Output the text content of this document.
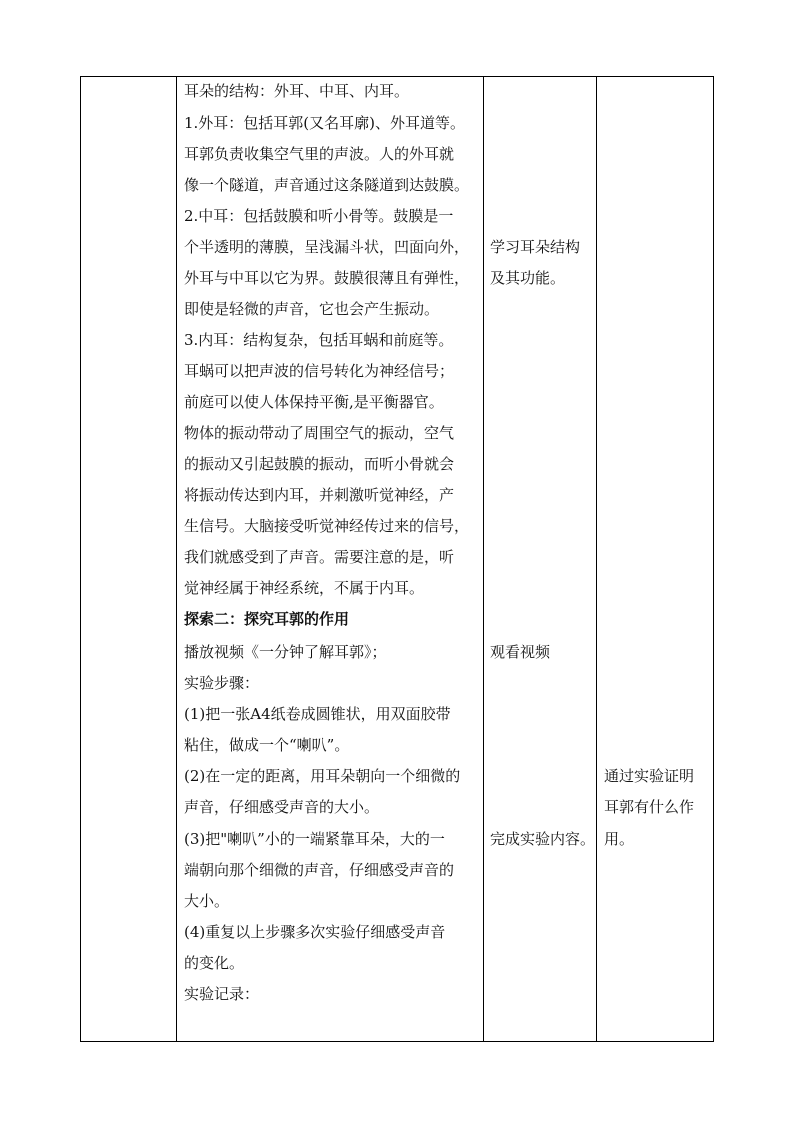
耳朵的结构：外耳、中耳、内耳。
1.外耳：包括耳郭(又名耳廓)、外耳道等。
耳郭负责收集空气里的声波。人的外耳就
像一个隧道，声音通过这条隧道到达鼓膜。
2.中耳：包括鼓膜和听小骨等。鼓膜是一
个半透明的薄膜，呈浅漏斗状，凹面向外，
外耳与中耳以它为界。鼓膜很薄且有弹性，
即使是轻微的声音，它也会产生振动。
3.内耳：结构复杂，包括耳蜗和前庭等。
耳蜗可以把声波的信号转化为神经信号；
前庭可以使人体保持平衡,是平衡器官。
物体的振动带动了周围空气的振动，空气
的振动又引起鼓膜的振动，而听小骨就会
将振动传达到内耳，并刺激听觉神经，产
生信号。大脑接受听觉神经传过来的信号，
我们就感受到了声音。需要注意的是，听
觉神经属于神经系统，不属于内耳。
探索二：探究耳郭的作用
播放视频《一分钟了解耳郭》；
实验步骤：
(1)把一张A4纸卷成圆锥状，用双面胶带
粘住，做成一个“喇叭”。
(2)在一定的距离，用耳朵朝向一个细微的
声音，仔细感受声音的大小。
(3)把"喇叭”小的一端紧靠耳朵，大的一
端朝向那个细微的声音，仔细感受声音的
大小。
(4)重复以上步骤多次实验仔细感受声音
的变化。
实验记录：
学习耳朵结构
及其功能。
观看视频
完成实验内容。
通过实验证明
耳郭有什么作
用。
